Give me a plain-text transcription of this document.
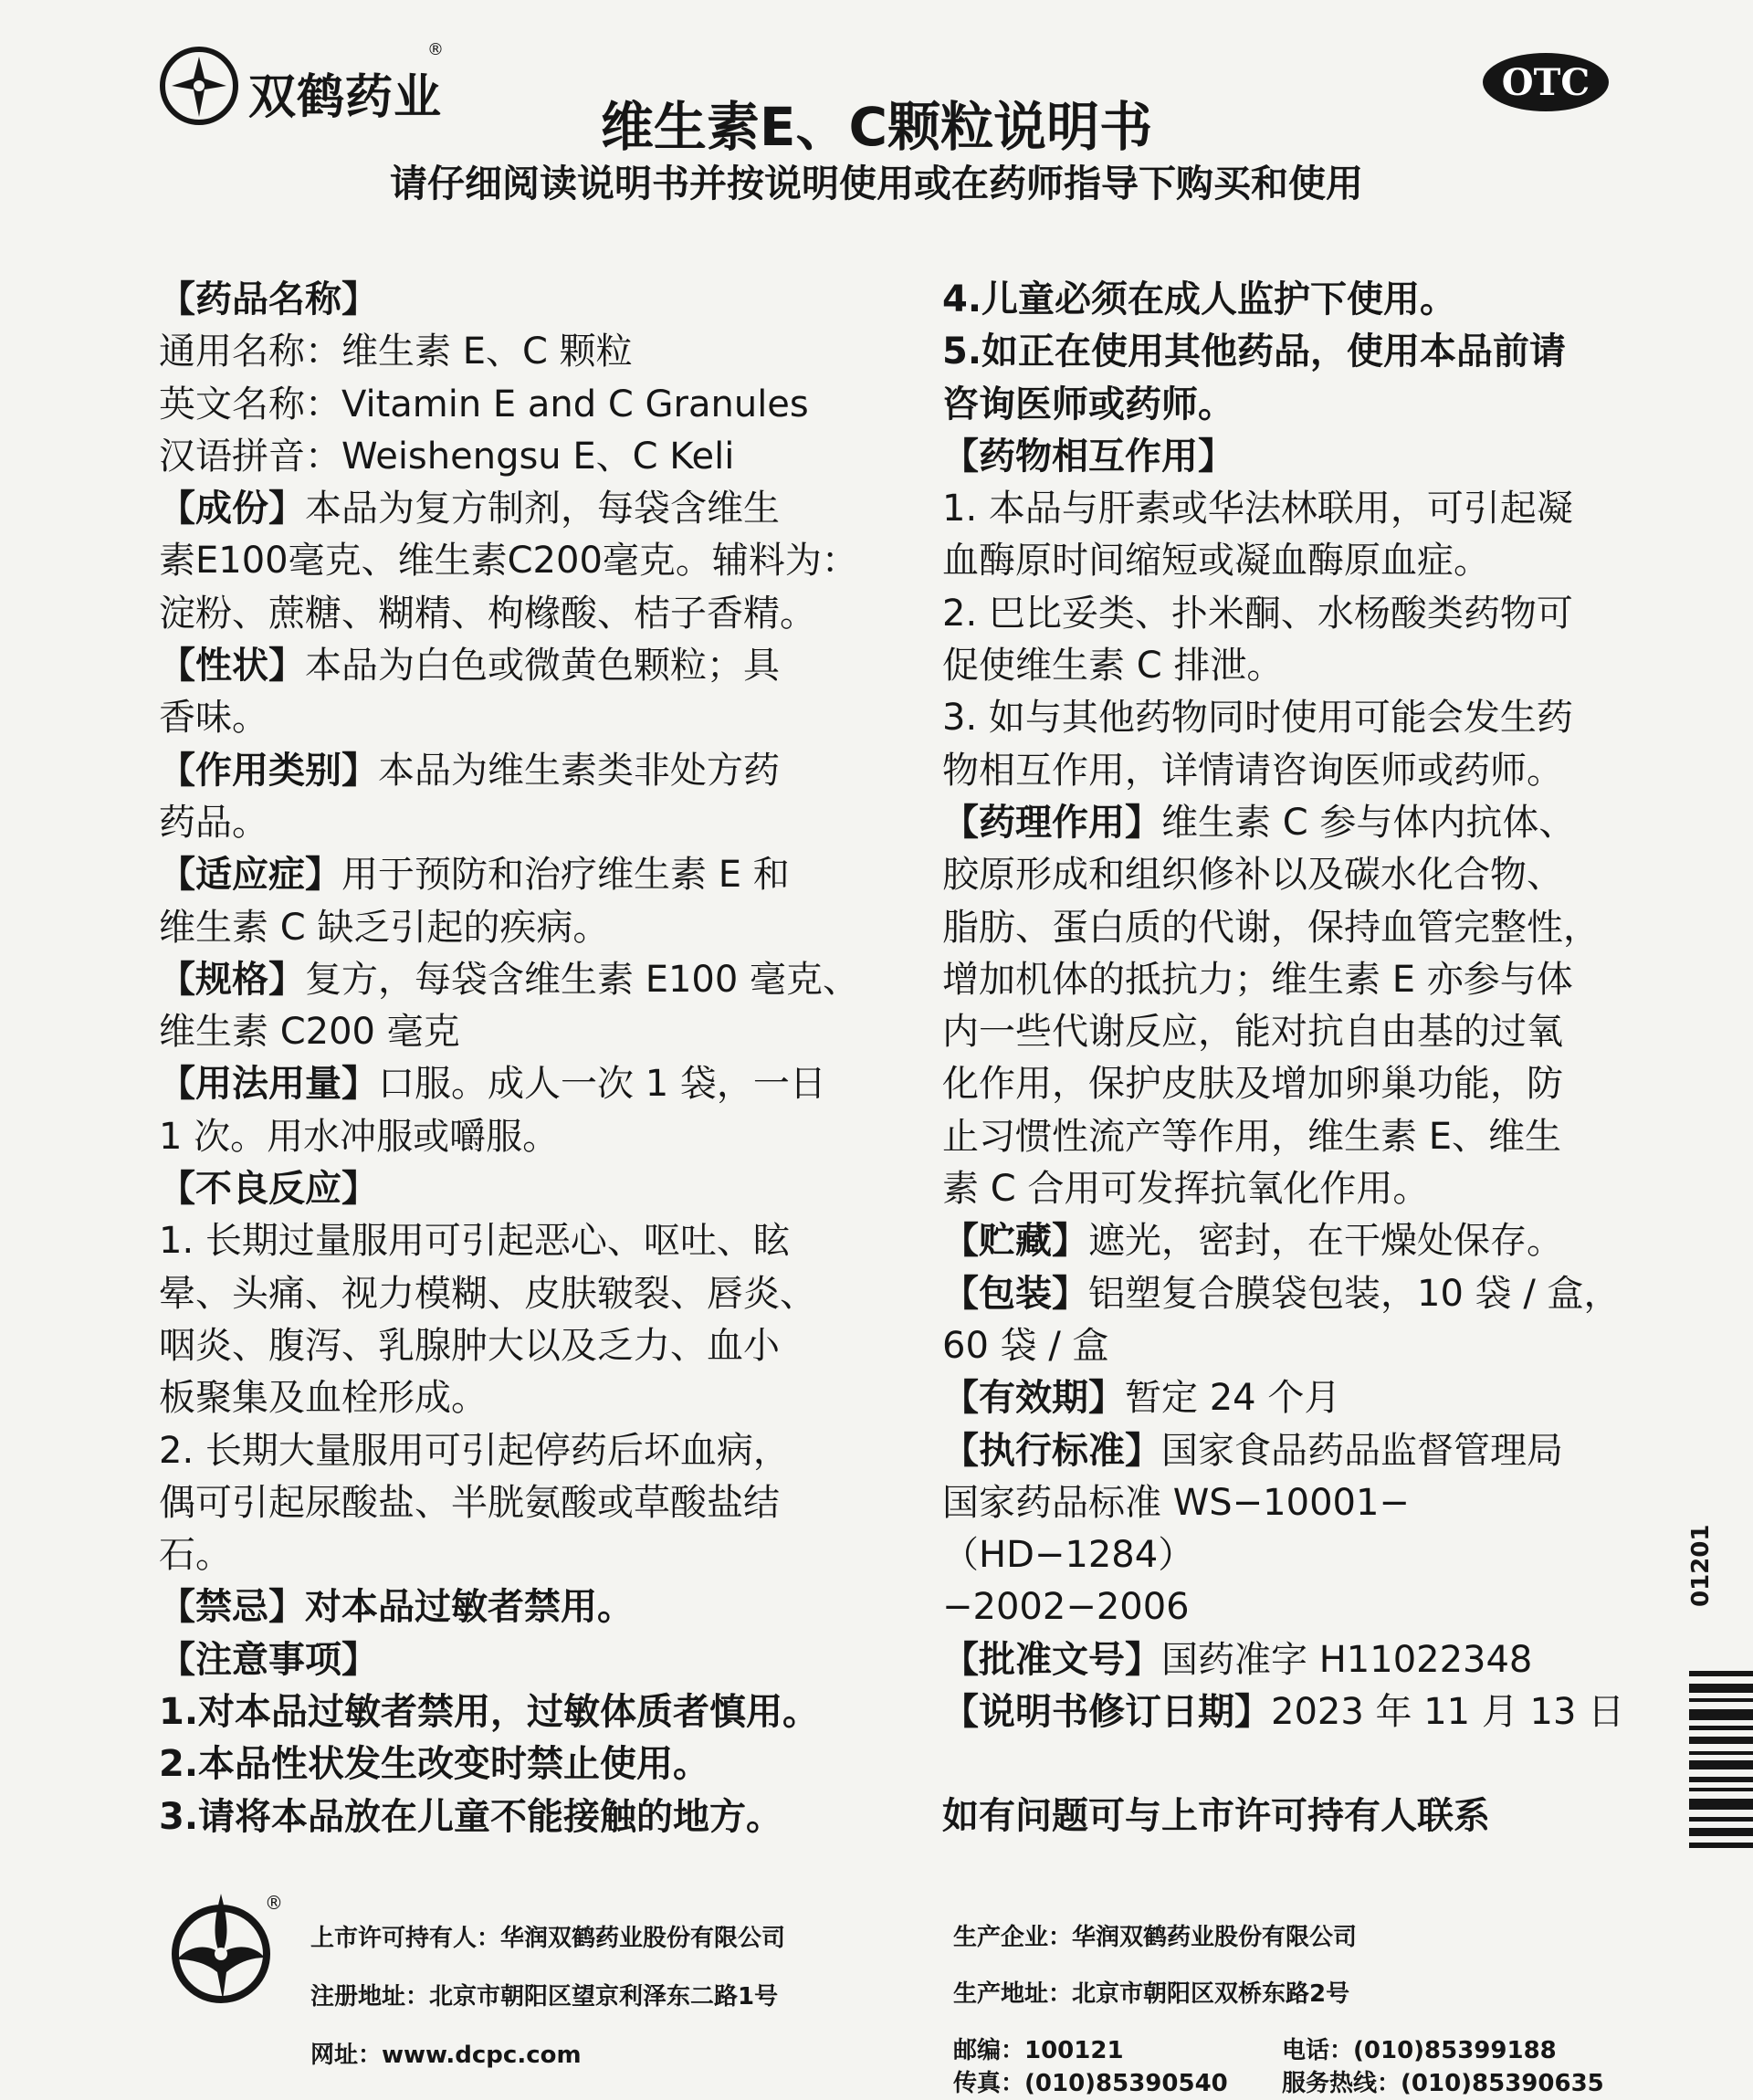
双鹤药业
®
OTC
维生素E、C颗粒说明书
请仔细阅读说明书并按说明使用或在药师指导下购买和使用

【药品名称】

通用名称：维生素 E、C 颗粒

英文名称：Vitamin E and C Granules

汉语拼音：Weishengsu E、C Keli

【成份】本品为复方制剂，每袋含维生

素E100毫克、维生素C200毫克。辅料为：

淀粉、蔗糖、糊精、枸橼酸、桔子香精。

【性状】本品为白色或微黄色颗粒；具

香味。

【作用类别】本品为维生素类非处方药

药品。

【适应症】用于预防和治疗维生素 E 和

维生素 C 缺乏引起的疾病。

【规格】复方，每袋含维生素 E100 毫克、

维生素 C200 毫克

【用法用量】口服。成人一次 1 袋，一日

1 次。用水冲服或嚼服。

【不良反应】

1. 长期过量服用可引起恶心、呕吐、眩

晕、头痛、视力模糊、皮肤皲裂、唇炎、

咽炎、腹泻、乳腺肿大以及乏力、血小

板聚集及血栓形成。

2. 长期大量服用可引起停药后坏血病，

偶可引起尿酸盐、半胱氨酸或草酸盐结

石。

【禁忌】对本品过敏者禁用。

【注意事项】

1.对本品过敏者禁用，过敏体质者慎用。

2.本品性状发生改变时禁止使用。

3.请将本品放在儿童不能接触的地方。

4.儿童必须在成人监护下使用。

5.如正在使用其他药品，使用本品前请

咨询医师或药师。

【药物相互作用】

1. 本品与肝素或华法林联用，可引起凝

血酶原时间缩短或凝血酶原血症。

2. 巴比妥类、扑米酮、水杨酸类药物可

促使维生素 C 排泄。

3. 如与其他药物同时使用可能会发生药

物相互作用，详情请咨询医师或药师。

【药理作用】维生素 C 参与体内抗体、

胶原形成和组织修补以及碳水化合物、

脂肪、蛋白质的代谢，保持血管完整性，

增加机体的抵抗力；维生素 E 亦参与体

内一些代谢反应，能对抗自由基的过氧

化作用，保护皮肤及增加卵巢功能，防

止习惯性流产等作用，维生素 E、维生

素 C 合用可发挥抗氧化作用。

【贮藏】遮光，密封，在干燥处保存。

【包装】铝塑复合膜袋包装，10 袋 / 盒，

60 袋 / 盒

【有效期】暂定 24 个月

【执行标准】国家食品药品监督管理局

国家药品标准 WS−10001−（HD−1284）

−2002−2006

【批准文号】国药准字 H11022348

【说明书修订日期】2023 年 11 月 13 日

如有问题可与上市许可持有人联系

01201
®

上市许可持有人：华润双鹤药业股份有限公司

注册地址：北京市朝阳区望京利泽东二路1号

网址：www.dcpc.com

生产企业：华润双鹤药业股份有限公司

生产地址：北京市朝阳区双桥东路2号

邮编：100121	电话：(010)85399188
传真：(010)85390540	服务热线：(010)85390635
